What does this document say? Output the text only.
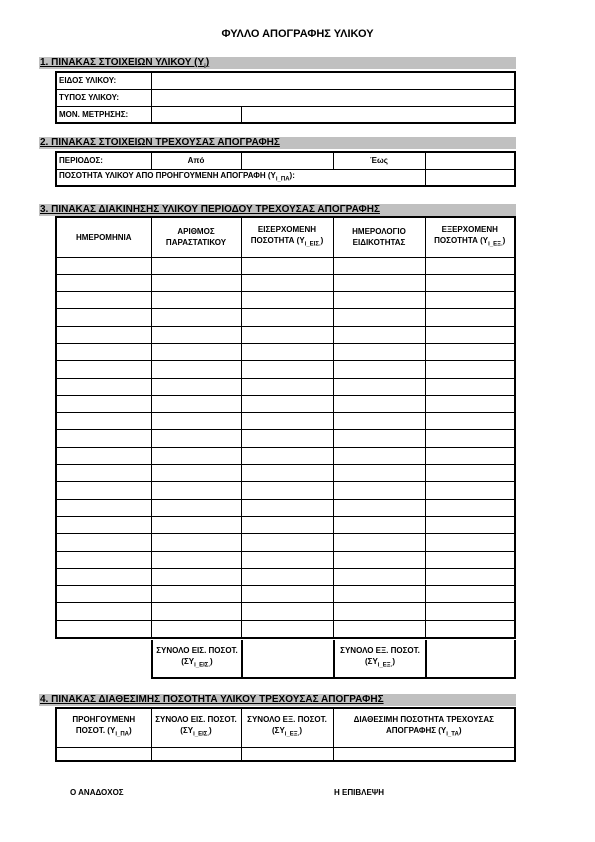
ΦΥΛΛΟ ΑΠΟΓΡΑΦΗΣ ΥΛΙΚΟΥ
1. ΠΙΝΑΚΑΣ ΣΤΟΙΧΕΙΩΝ ΥΛΙΚΟΥ $(\Upsilon_i)$
ΕΙΔΟΣ ΥΛΙΚΟΥ:		
ΤΥΠΟΣ ΥΛΙΚΟΥ:		
ΜΟΝ. ΜΕΤΡΗΣΗΣ:		
2. ΠΙΝΑΚΑΣ ΣΤΟΙΧΕΙΩΝ ΤΡΕΧΟΥΣΑΣ ΑΠΟΓΡΑΦΗΣ
ΠΕΡΙΟΔΟΣ:	Από		Έως	
ΠΟΣΟΤΗΤΑ ΥΛΙΚΟΥ ΑΠΟ ΠΡΟΗΓΟΥΜΕΝΗ ΑΠΟΓΡΑΦΗ $(\Upsilon_{i\_\Pi A})$:				
3. ΠΙΝΑΚΑΣ ΔΙΑΚΙΝΗΣΗΣ ΥΛΙΚΟΥ ΠΕΡΙΟΔΟΥ ΤΡΕΧΟΥΣΑΣ ΑΠΟΓΡΑΦΗΣ
ΗΜΕΡΟΜΗΝΙΑ	ΑΡΙΘΜΟΣ ΠΑΡΑΣΤΑΤΙΚΟΥ	ΕΙΣΕΡΧΟΜΕΝΗ ΠΟΣΟΤΗΤΑ $(\Upsilon_{i\_EI\Sigma.})$	ΗΜΕΡΟΛΟΓΙΟ ΕΙΔΙΚΟΤΗΤΑΣ	ΕΞΕΡΧΟΜΕΝΗ ΠΟΣΟΤΗΤΑ $(\Upsilon_{i\_E\Xi.})$

ΣΥΝΟΛΟ ΕΙΣ. ΠΟΣΟΤ. $(\Sigma\Upsilon_{i\_EI\Sigma.})$		ΣΥΝΟΛΟ ΕΞ. ΠΟΣΟΤ. $(\Sigma\Upsilon_{i\_E\Xi.})$	
4. ΠΙΝΑΚΑΣ ΔΙΑΘΕΣΙΜΗΣ ΠΟΣΟΤΗΤΑ ΥΛΙΚΟΥ ΤΡΕΧΟΥΣΑΣ ΑΠΟΓΡΑΦΗΣ
ΠΡΟΗΓΟΥΜΕΝΗ ΠΟΣΟΤ. $(\Upsilon_{i\_\Pi A})$	ΣΥΝΟΛΟ ΕΙΣ. ΠΟΣΟΤ. $(\Sigma\Upsilon_{i\_EI\Sigma.})$	ΣΥΝΟΛΟ ΕΞ. ΠΟΣΟΤ. $(\Sigma\Upsilon_{i\_E\Xi.})$	ΔΙΑΘΕΣΙΜΗ ΠΟΣΟΤΗΤΑ ΤΡΕΧΟΥΣΑΣ ΑΠΟΓΡΑΦΗΣ $(\Upsilon_{i\_TA})$

Ο ΑΝΑΔΟΧΟΣ	Η ΕΠΙΒΛΕΨΗ
